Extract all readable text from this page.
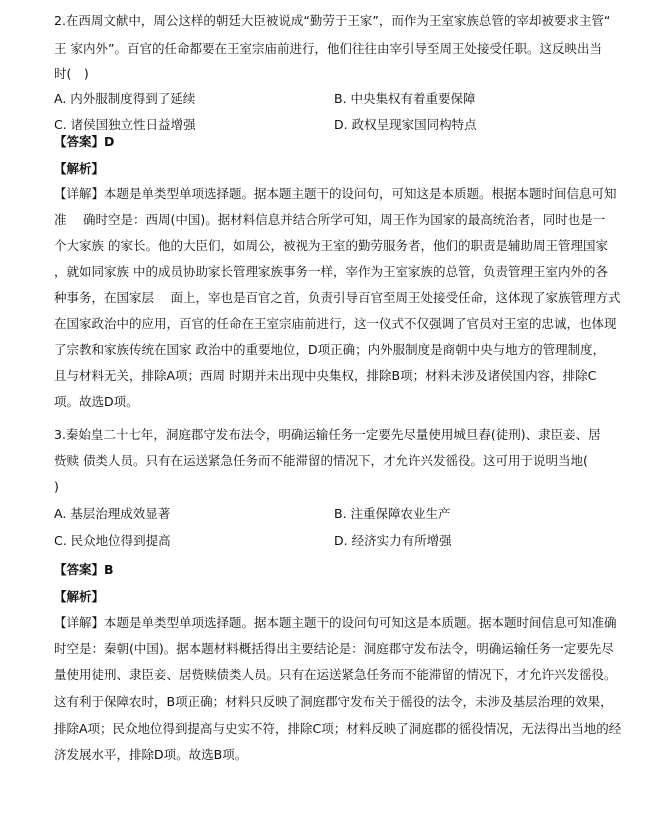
2.在西周文献中，周公这样的朝廷大臣被说成“勤劳于王家”，而作为王室家族总管的宰却被要求主管“
王 家内外”。百官的任命都要在王室宗庙前进行，他们往往由宰引导至周王处接受任职。这反映出当
时(　)
A. 内外服制度得到了延续	B. 中央集权有着重要保障
C. 诸侯国独立性日益增强	D. 政权呈现家国同构特点
【答案】D
【解析】
【详解】本题是单类型单项选择题。据本题主题干的设问句，可知这是本质题。根据本题时间信息可知
准　 确时空是：西周(中国)。据材料信息并结合所学可知，周王作为国家的最高统治者，同时也是一
个大家族 的家长。他的大臣们，如周公，被视为王室的勤劳服务者，他们的职责是辅助周王管理国家
，就如同家族 中的成员协助家长管理家族事务一样，宰作为王室家族的总管，负责管理王室内外的各
种事务，在国家层　 面上，宰也是百官之首，负责引导百官至周王处接受任命，这体现了家族管理方式
在国家政治中的应用，百官的任命在王室宗庙前进行，这一仪式不仅强调了官员对王室的忠诚，也体现
了宗教和家族传统在国家 政治中的重要地位，D项正确；内外服制度是商朝中央与地方的管理制度，
且与材料无关，排除A项；西周 时期并未出现中央集权，排除B项；材料未涉及诸侯国内容，排除C
项。故选D项。
3.秦始皇二十七年，洞庭郡守发布法令，明确运输任务一定要先尽量使用城旦舂(徒刑)、隶臣妾、居
赀赎 债类人员。只有在运送紧急任务而不能滞留的情况下，才允许兴发徭役。这可用于说明当地(
)
A. 基层治理成效显著	B. 注重保障农业生产
C. 民众地位得到提高	D. 经济实力有所增强
【答案】B
【解析】
【详解】本题是单类型单项选择题。据本题主题干的设问句可知这是本质题。据本题时间信息可知准确
时空是：秦朝(中国)。据本题材料概括得出主要结论是：洞庭郡守发布法令，明确运输任务一定要先尽
量使用徒刑、隶臣妾、居赀赎债类人员。只有在运送紧急任务而不能滞留的情况下，才允许兴发徭役。
这有利于保障农时，B项正确；材料只反映了洞庭郡守发布关于徭役的法令，未涉及基层治理的效果，
排除A项；民众地位得到提高与史实不符，排除C项；材料反映了洞庭郡的徭役情况，无法得出当地的经
济发展水平，排除D项。故选B项。
